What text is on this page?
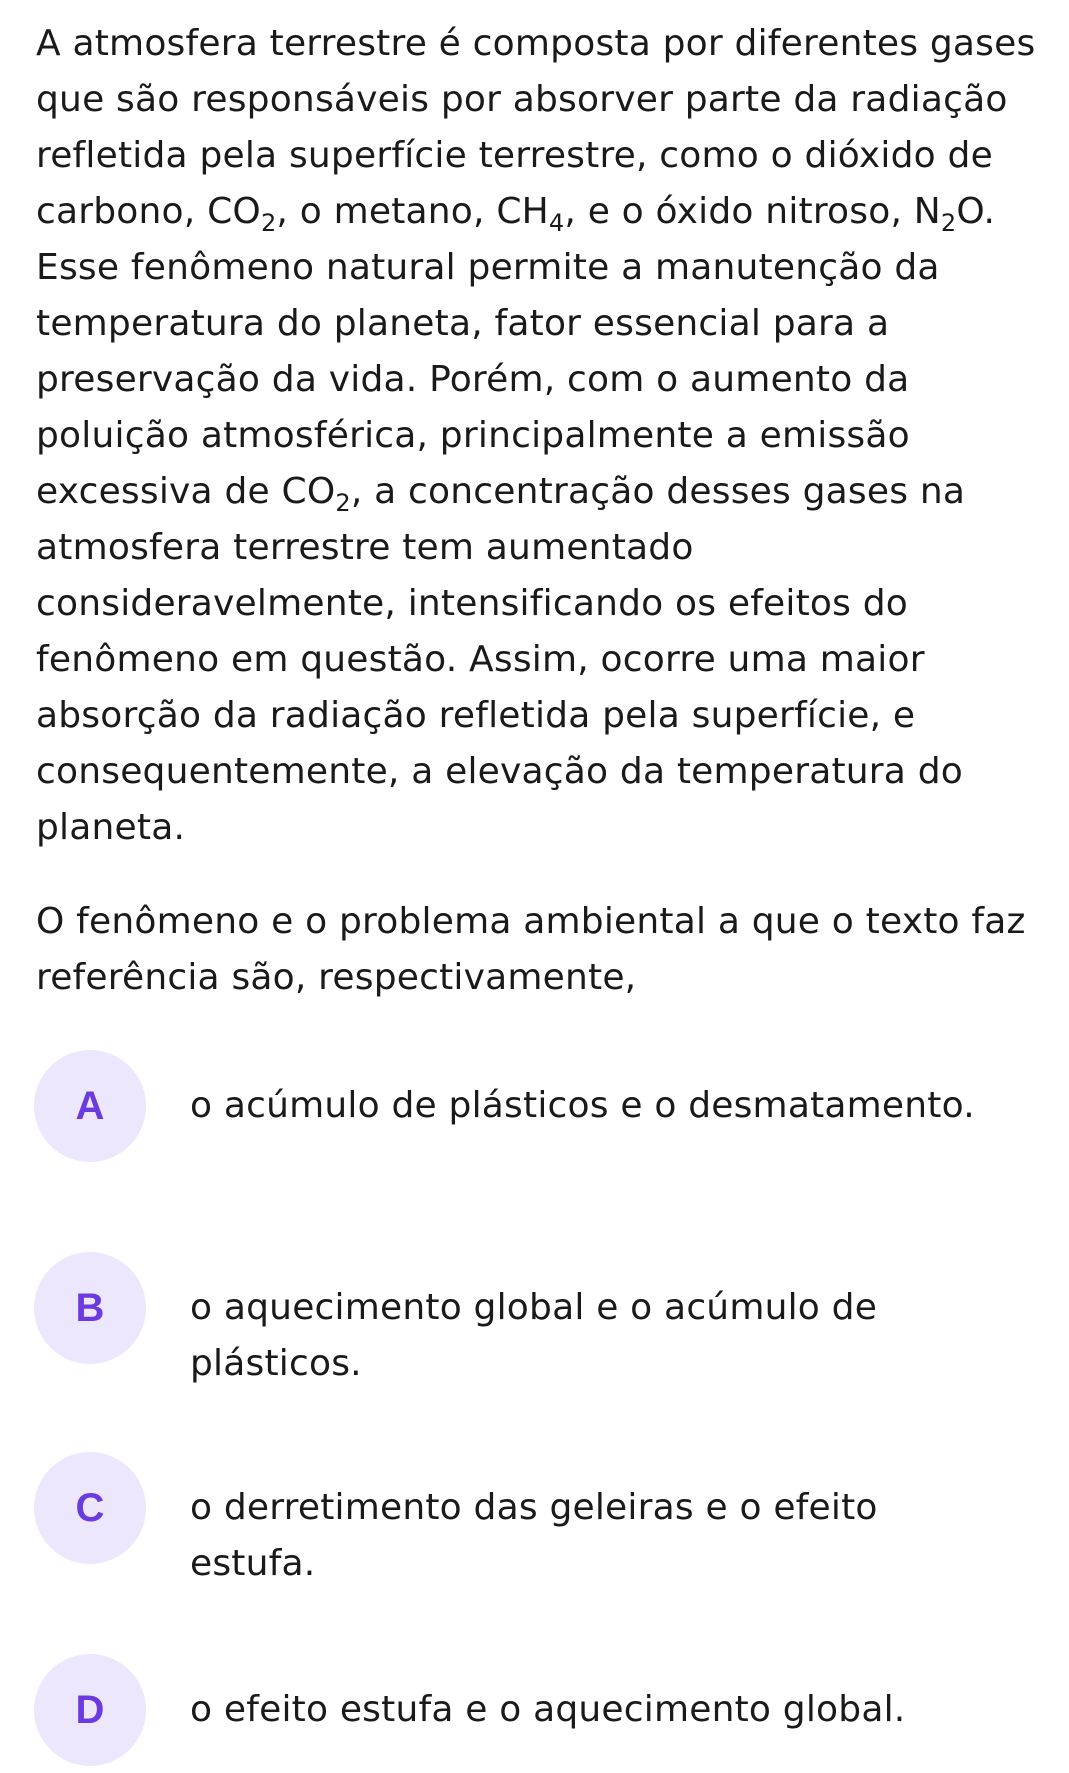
A atmosfera terrestre é composta por diferentes gases que são responsáveis por absorver parte da radiação refletida pela superfície terrestre, como o dióxido de carbono, $CO_2$, o metano, $CH_4$, e o óxido nitroso, $N_2O$. Esse fenômeno natural permite a manutenção da temperatura do planeta, fator essencial para a preservação da vida. Porém, com o aumento da poluição atmosférica, principalmente a emissão excessiva de $CO_2$, a concentração desses gases na atmosfera terrestre tem aumentado consideravelmente, intensificando os efeitos do fenômeno em questão. Assim, ocorre uma maior absorção da radiação refletida pela superfície, e consequentemente, a elevação da temperatura do planeta.

O fenômeno e o problema ambiental a que o texto faz referência são, respectivamente,

A o acúmulo de plásticos e o desmatamento.
B o aquecimento global e o acúmulo de plásticos.
C o derretimento das geleiras e o efeito estufa.
D o efeito estufa e o aquecimento global.
